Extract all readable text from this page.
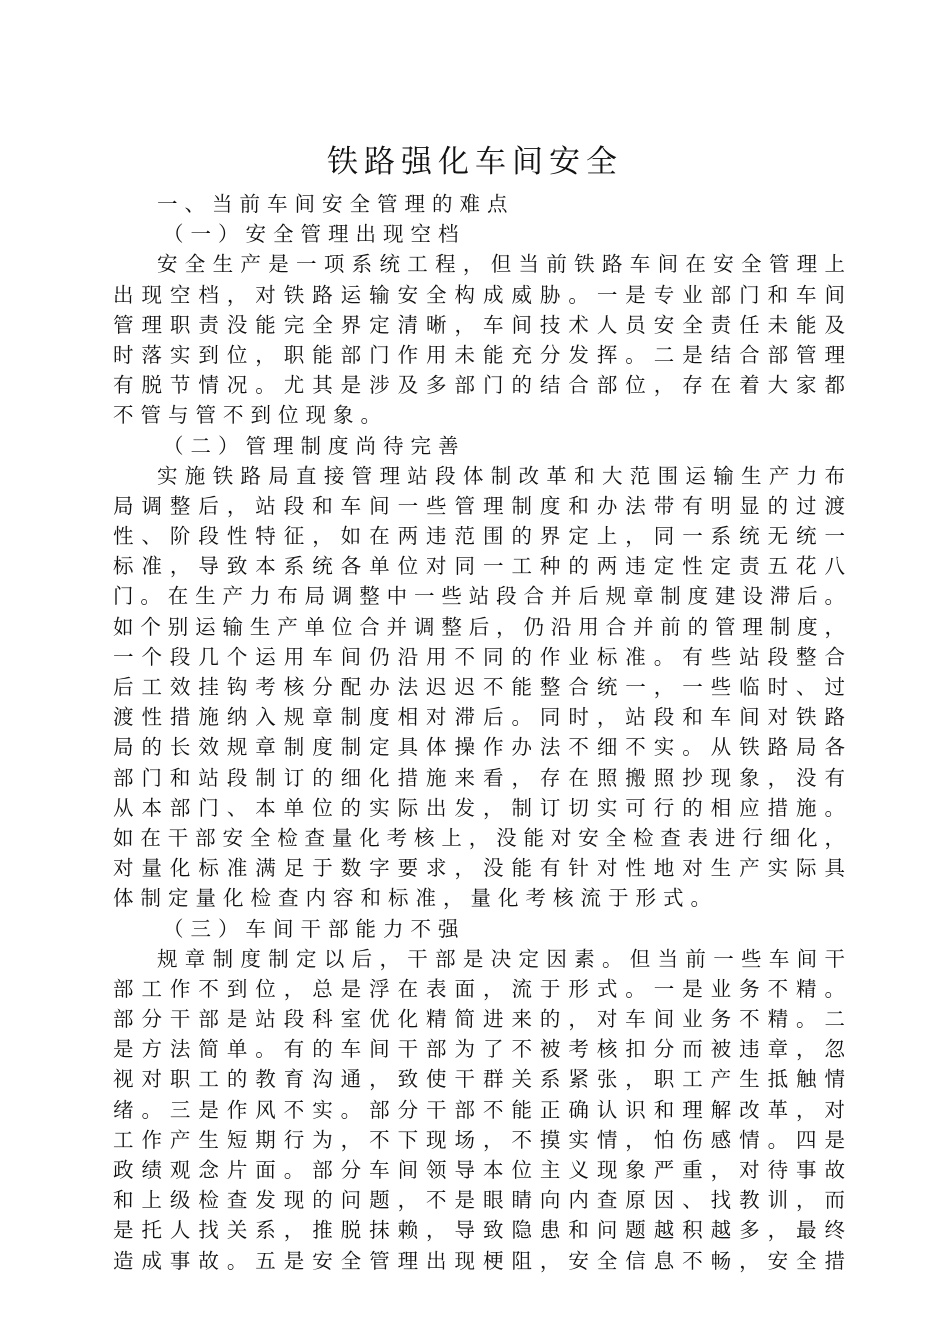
铁路强化车间安全
一、当前车间安全管理的难点
（一）安全管理出现空档
安全生产是一项系统工程，但当前铁路车间在安全管理上
出现空档，对铁路运输安全构成威胁。一是专业部门和车间
管理职责没能完全界定清晰，车间技术人员安全责任未能及
时落实到位，职能部门作用未能充分发挥。二是结合部管理
有脱节情况。尤其是涉及多部门的结合部位，存在着大家都
不管与管不到位现象。
（二）管理制度尚待完善
实施铁路局直接管理站段体制改革和大范围运输生产力布
局调整后，站段和车间一些管理制度和办法带有明显的过渡
性、阶段性特征，如在两违范围的界定上，同一系统无统一
标准，导致本系统各单位对同一工种的两违定性定责五花八
门。在生产力布局调整中一些站段合并后规章制度建设滞后。
如个别运输生产单位合并调整后，仍沿用合并前的管理制度，
一个段几个运用车间仍沿用不同的作业标准。有些站段整合
后工效挂钩考核分配办法迟迟不能整合统一，一些临时、过
渡性措施纳入规章制度相对滞后。同时，站段和车间对铁路
局的长效规章制度制定具体操作办法不细不实。从铁路局各
部门和站段制订的细化措施来看，存在照搬照抄现象，没有
从本部门、本单位的实际出发，制订切实可行的相应措施。
如在干部安全检查量化考核上，没能对安全检查表进行细化，
对量化标准满足于数字要求，没能有针对性地对生产实际具
体制定量化检查内容和标准，量化考核流于形式。
（三）车间干部能力不强
规章制度制定以后，干部是决定因素。但当前一些车间干
部工作不到位，总是浮在表面，流于形式。一是业务不精。
部分干部是站段科室优化精简进来的，对车间业务不精。二
是方法简单。有的车间干部为了不被考核扣分而被违章，忽
视对职工的教育沟通，致使干群关系紧张，职工产生抵触情
绪。三是作风不实。部分干部不能正确认识和理解改革，对
工作产生短期行为，不下现场，不摸实情，怕伤感情。四是
政绩观念片面。部分车间领导本位主义现象严重，对待事故
和上级检查发现的问题，不是眼睛向内查原因、找教训，而
是托人找关系，推脱抹赖，导致隐患和问题越积越多，最终
造成事故。五是安全管理出现梗阻，安全信息不畅，安全措
